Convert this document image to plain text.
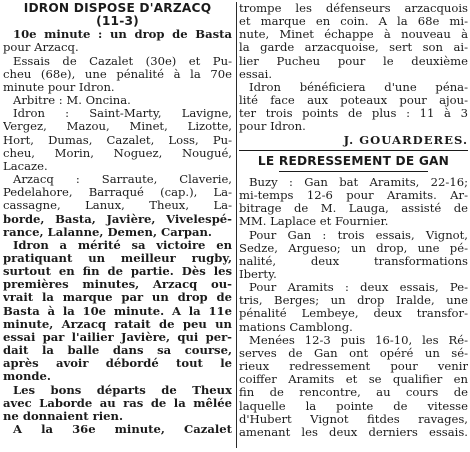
IDRON DISPOSE D'ARZACQ
(11-3)
10e minute : un drop de Basta
pour Arzacq.
Essais de Cazalet (30e) et Pu-
cheu (68e), une pénalité à la 70e
minute pour Idron.
Arbitre : M. Oncina.
Idron : Saint-Marty, Lavigne,
Vergez, Mazou, Minet, Lizotte,
Hort, Dumas, Cazalet, Loss, Pu-
cheu, Morin, Noguez, Nougué,
Lacaze.
Arzacq : Sarraute, Claverie,
Pedelahore, Barraqué (cap.), La-
cassagne, Lanux, Theux, La-
borde, Basta, Javière, Vivelespé-
rance, Lalanne, Demen, Carpan.
Idron a mérité sa victoire en
pratiquant un meilleur rugby,
surtout en fin de partie. Dès les
premières minutes, Arzacq ou-
vrait la marque par un drop de
Basta à la 10e minute. A la 11e
minute, Arzacq ratait de peu un
essai par l'ailier Javière, qui per-
dait la balle dans sa course,
après avoir débordé tout le
monde.
Les bons départs de Theux
avec Laborde au ras de la mêlée
ne donnaient rien.
A la 36e minute, Cazalet
trompe les défenseurs arzacquois
et marque en coin. A la 68e mi-
nute, Minet échappe à nouveau à
la garde arzacquoise, sert son ai-
lier Pucheu pour le deuxième
essai.
Idron bénéficiera d'une péna-
lité face aux poteaux pour ajou-
ter trois points de plus : 11 à 3
pour Idron.
J. GOUARDERES.
LE REDRESSEMENT DE GAN
Buzy : Gan bat Aramits, 22-16;
mi-temps 12-6 pour Aramits. Ar-
bitrage de M. Lauga, assisté de
MM. Laplace et Fournier.
Pour Gan : trois essais, Vignot,
Sedze, Argueso; un drop, une pé-
nalité, deux transformations
Iberty.
Pour Aramits : deux essais, Pe-
tris, Berges; un drop Iralde, une
pénalité Lembeye, deux transfor-
mations Camblong.
Menées 12-3 puis 16-10, les Ré-
serves de Gan ont opéré un sé-
rieux redressement pour venir
coiffer Aramits et se qualifier en
fin de rencontre, au cours de
laquelle la pointe de vitesse
d'Hubert Vignot fitdes ravages,
amenant les deux derniers essais.
